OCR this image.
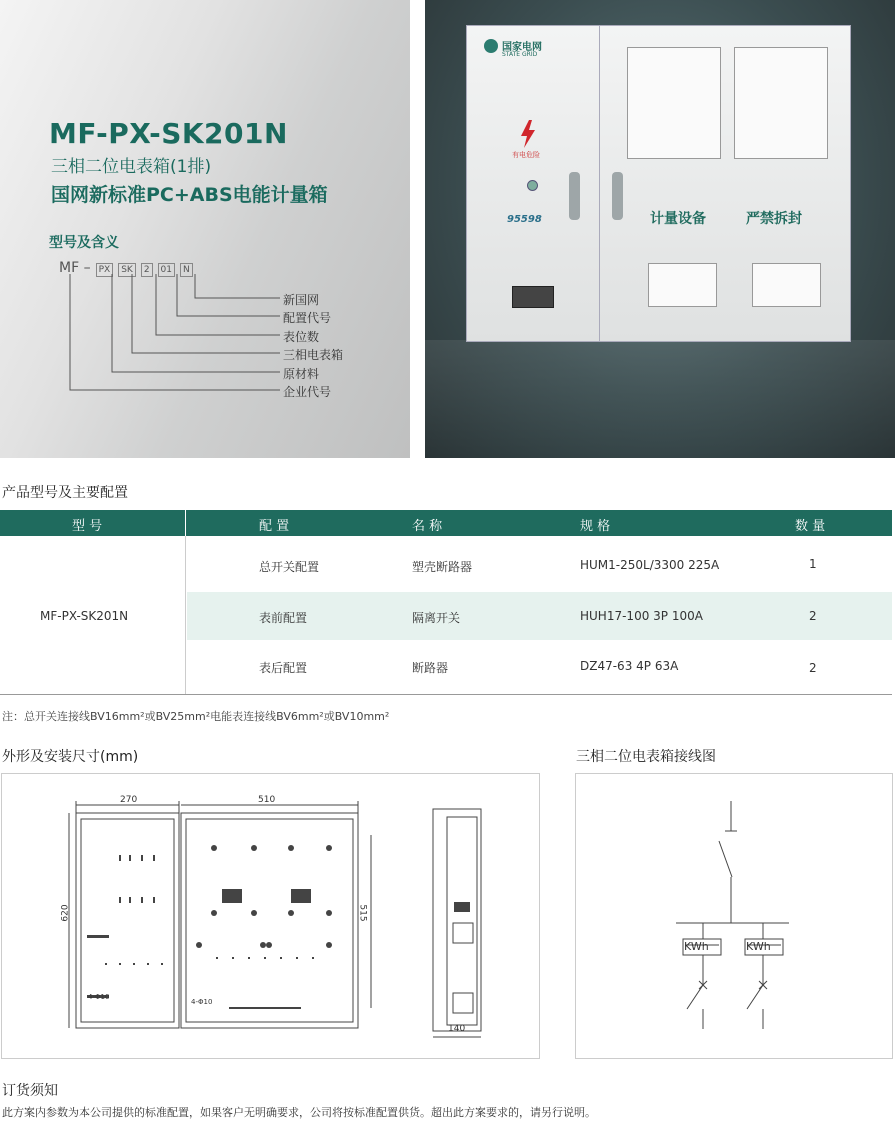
MF-PX-SK201N
三相二位电表箱(1排)
国网新标准PC+ABS电能计量箱
型号及含义
MF – PX SK 2 01 N
新国网
配置代号
表位数
三相电表箱
原材料
企业代号
国家电网
STATE GRID
有电危险
95598	计量设备	严禁拆封
产品型号及主要配置
型 号	配 置	名 称	规 格	数 量
MF-PX-SK201N
总开关配置	塑壳断路器	HUM1-250L/3300 225A	1
表前配置	隔离开关	HUH17-100 3P 100A	2
表后配置	断路器	DZ47-63 4P 63A	2
注：总开关连接线BV16mm²或BV25mm²电能表连接线BV6mm²或BV10mm²
外形及安装尺寸(mm)
270	510
620	515
140
4-Φ10
4-Φ10
三相二位电表箱接线图
KWh	KWh
订货须知
此方案内参数为本公司提供的标准配置，如果客户无明确要求，公司将按标准配置供货。超出此方案要求的，请另行说明。
